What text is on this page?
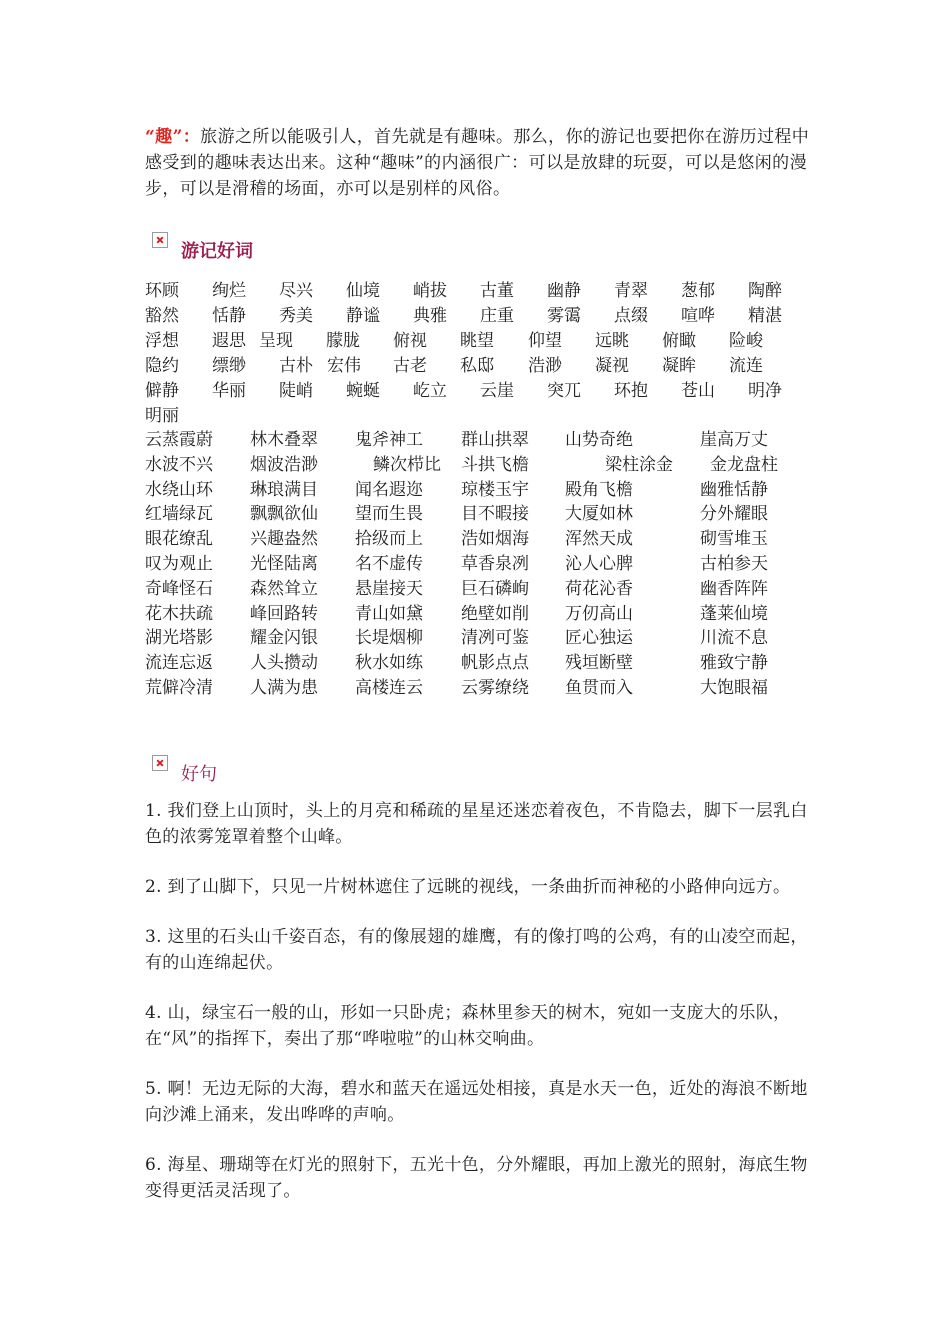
“趣”：旅游之所以能吸引人，首先就是有趣味。那么，你的游记也要把你在游历过程中感受到的趣味表达出来。这种“趣味”的内涵很广：可以是放肆的玩耍，可以是悠闲的漫步，可以是滑稽的场面，亦可以是别样的风俗。
游记好词
环顾 绚烂 尽兴 仙境 峭拔 古董 幽静 青翠 葱郁 陶醉
豁然 恬静 秀美 静谧 典雅 庄重 雾霭 点缀 喧哗 精湛
浮想 遐思 呈现 朦胧 俯视 眺望 仰望 远眺 俯瞰 险峻
隐约 缥缈 古朴 宏伟 古老 私邸 浩渺 凝视 凝眸 流连
僻静 华丽 陡峭 蜿蜒 屹立 云崖 突兀 环抱 苍山 明净
明丽
云蒸霞蔚 林木叠翠 鬼斧神工 群山拱翠 山势奇绝	崖高万丈
水波不兴 烟波浩渺	鳞次栉比 斗拱飞檐	梁柱涂金 金龙盘柱
水绕山环 琳琅满目 闻名遐迩 琼楼玉宇 殿角飞檐	幽雅恬静
红墙绿瓦 飘飘欲仙 望而生畏 目不暇接 大厦如林	分外耀眼
眼花缭乱 兴趣盎然 拾级而上 浩如烟海 浑然天成	砌雪堆玉
叹为观止 光怪陆离 名不虚传 草香泉冽 沁人心脾	古柏参天
奇峰怪石 森然耸立 悬崖接天 巨石磷峋 荷花沁香	幽香阵阵
花木扶疏 峰回路转 青山如黛 绝壁如削 万仞高山	蓬莱仙境
湖光塔影 耀金闪银 长堤烟柳 清冽可鉴 匠心独运	川流不息
流连忘返 人头攒动 秋水如练 帆影点点 残垣断壁	雅致宁静
荒僻冷清 人满为患 高楼连云 云雾缭绕 鱼贯而入	大饱眼福
好句

1. 我们登上山顶时，头上的月亮和稀疏的星星还迷恋着夜色，不肯隐去，脚下一层乳白色的浓雾笼罩着整个山峰。

2. 到了山脚下，只见一片树林遮住了远眺的视线，一条曲折而神秘的小路伸向远方。

3. 这里的石头山千姿百态，有的像展翅的雄鹰，有的像打鸣的公鸡，有的山凌空而起，有的山连绵起伏。

4. 山，绿宝石一般的山，形如一只卧虎；森林里参天的树木，宛如一支庞大的乐队，在“风”的指挥下，奏出了那“哗啦啦”的山林交响曲。

5. 啊！无边无际的大海，碧水和蓝天在遥远处相接，真是水天一色，近处的海浪不断地向沙滩上涌来，发出哗哗的声响。

6. 海星、珊瑚等在灯光的照射下，五光十色，分外耀眼，再加上激光的照射，海底生物变得更活灵活现了。
